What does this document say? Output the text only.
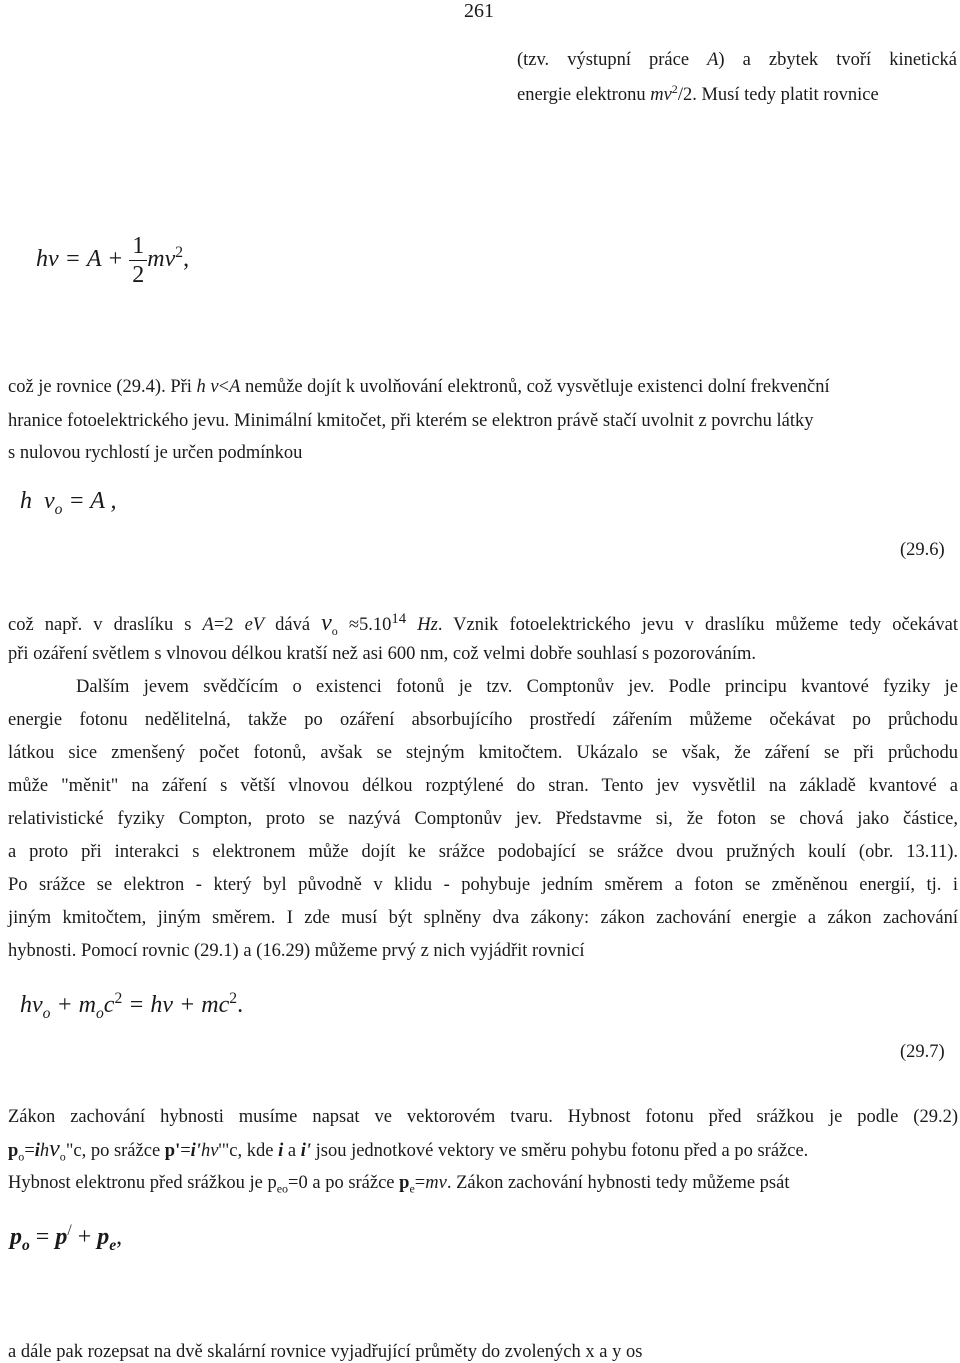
261
(tzv. výstupní práce A) a zbytek tvoří kinetická
energie elektronu $mv^2/2$. Musí tedy platit rovnice
$h\nu = A + \frac{1}{2} mv^2$,
což je rovnice (29.4). Při h ν<A nemůže dojít k uvolňování elektronů, což vysvětluje existenci dolní frekvenční
hranice fotoelektrického jevu. Minimální kmitočet, při kterém se elektron právě stačí uvolnit z povrchu látky
s nulovou rychlostí je určen podmínkou
h $\nu_o = A$ ,
(29.6)
což např. v draslíku s A=2 eV dává $\nu_o \approx 5.10^{14}$ Hz. Vznik fotoelektrického jevu v draslíku můžeme tedy očekávat
při ozáření světlem s vlnovou délkou kratší než asi 600 nm, což velmi dobře souhlasí s pozorováním.
Dalším jevem svědčícím o existenci fotonů je tzv. Comptonův jev. Podle principu kvantové fyziky je
energie fotonu nedělitelná, takže po ozáření absorbujícího prostředí zářením můžeme očekávat po průchodu
látkou sice zmenšený počet fotonů, avšak se stejným kmitočtem. Ukázalo se však, že záření se při průchodu
může "měnit" na záření s větší vlnovou délkou rozptýlené do stran. Tento jev vysvětlil na základě kvantové a
relativistické fyziky Compton, proto se nazývá Comptonův jev. Představme si, že foton se chová jako částice,
a proto při interakci s elektronem může dojít ke srážce podobající se srážce dvou pružných koulí (obr. 13.11).
Po srážce se elektron - který byl původně v klidu - pohybuje jedním směrem a foton se změněnou energií, tj. i
jiným kmitočtem, jiným směrem. I zde musí být splněny dva zákony: zákon zachování energie a zákon zachování
hybnosti. Pomocí rovnic (29.1) a (16.29) můžeme prvý z nich vyjádřit rovnicí
$h\nu_o + m_oc^2 = h\nu + mc^2$.
(29.7)
Zákon zachování hybnosti musíme napsat ve vektorovém tvaru. Hybnost fotonu před srážkou je podle (29.2)
$p_o=ih\nu_o"c$, po srážce p'=i'hν'"c, kde i a i' jsou jednotkové vektory ve směru pohybu fotonu před a po srážce.
Hybnost elektronu před srážkou je $p_{eo}=0$ a po srážce $p_e=mv$. Zákon zachování hybnosti tedy můžeme psát
$p_o = p^/ + p_e$,
a dále pak rozepsat na dvě skalární rovnice vyjadřující průměty do zvolených x a y os
